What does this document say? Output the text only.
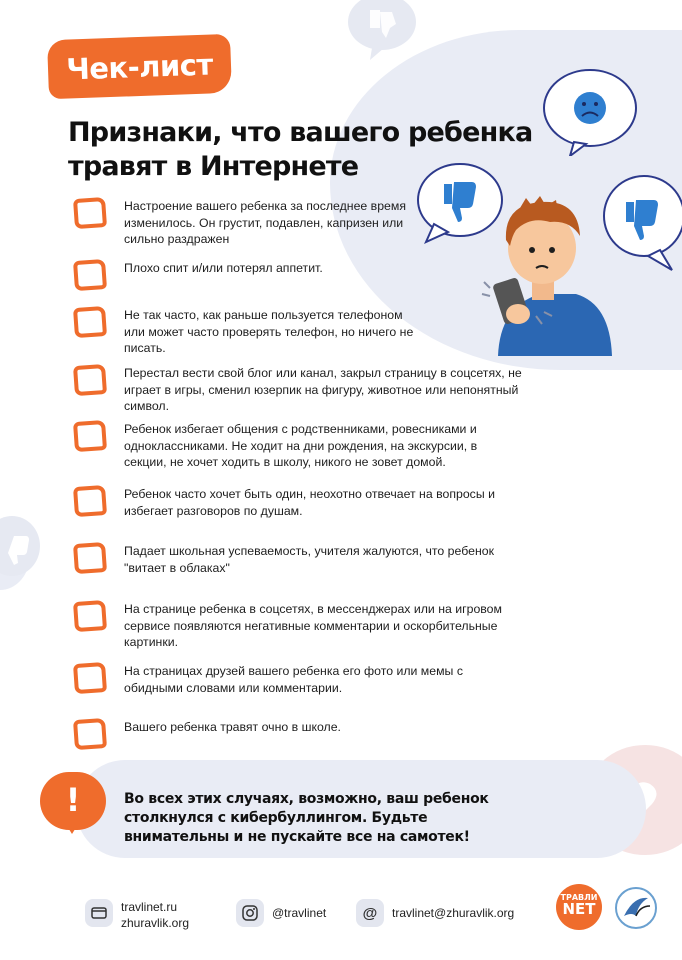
Чек-лист
Признаки, что вашего ребенка
травят в Интернете
Настроение вашего ребенка за последнее время изменилось. Он грустит, подавлен, капризен или сильно раздражен
Плохо спит и/или потерял аппетит.
Не так часто, как раньше пользуется телефоном или может часто проверять телефон, но ничего не писать.
Перестал вести свой блог или канал, закрыл страницу в соцсетях, не играет в игры, сменил юзерпик на фигуру, животное или непонятный символ.
Ребенок избегает общения с родственниками, ровесниками и одноклассниками. Не ходит на дни рождения, на экскурсии, в секции, не хочет ходить в школу, никого не зовет домой.
Ребенок часто хочет быть один, неохотно отвечает на вопросы и избегает разговоров по душам.
Падает школьная успеваемость, учителя жалуются, что ребенок "витает в облаках"
На странице ребенка в соцсетях, в мессенджерах или на игровом сервисе появляются негативные комментарии и оскорбительные картинки.
На страницах друзей вашего ребенка его фото или мемы с обидными словами или комментарии.
Вашего ребенка травят очно в школе.
!	Во всех этих случаях, возможно, ваш ребенок столкнулся с кибербуллингом. Будьте внимательны и не пускайте все на самотек!
travlinet.ru
zhuravlik.org
@travlinet @ travlinet@zhuravlik.org
ТРАВЛИ
NET
